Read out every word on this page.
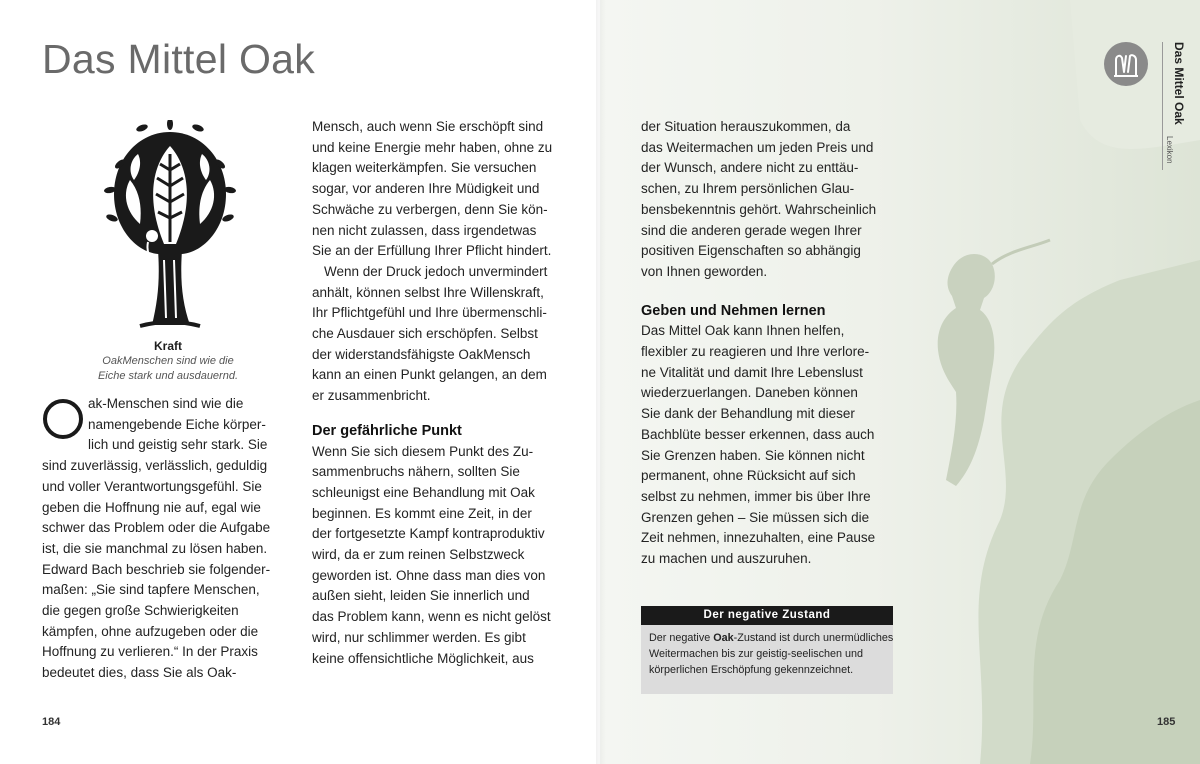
Das Mittel Oak
Kraft
OakMenschen sind wie die
Eiche stark und ausdauernd.
ak-Menschen sind wie die
namengebende Eiche körper-
lich und geistig sehr stark. Sie
sind zuverlässig, verlässlich, geduldig
und voller Verantwortungsgefühl. Sie
geben die Hoffnung nie auf, egal wie
schwer das Problem oder die Aufgabe
ist, die sie manchmal zu lösen haben.
Edward Bach beschrieb sie folgender-
maßen: „Sie sind tapfere Menschen,
die gegen große Schwierigkeiten
kämpfen, ohne aufzugeben oder die
Hoffnung zu verlieren.“ In der Praxis
bedeutet dies, dass Sie als Oak-

Mensch, auch wenn Sie erschöpft sind
und keine Energie mehr haben, ohne zu
klagen weiterkämpfen. Sie versuchen
sogar, vor anderen Ihre Müdigkeit und
Schwäche zu verbergen, denn Sie kön-
nen nicht zulassen, dass irgendetwas
Sie an der Erfüllung Ihrer Pflicht hindert.

Wenn der Druck jedoch unvermindert
anhält, können selbst Ihre Willenskraft,
Ihr Pflichtgefühl und Ihre übermenschli-
che Ausdauer sich erschöpfen. Selbst
der widerstandsfähigste OakMensch
kann an einen Punkt gelangen, an dem
er zusammenbricht.

Der gefährliche Punkt

Wenn Sie sich diesem Punkt des Zu-
sammenbruchs nähern, sollten Sie
schleunigst eine Behandlung mit Oak
beginnen. Es kommt eine Zeit, in der
der fortgesetzte Kampf kontraproduktiv
wird, da er zum reinen Selbstzweck
geworden ist. Ohne dass man dies von
außen sieht, leiden Sie innerlich und
das Problem kann, wenn es nicht gelöst
wird, nur schlimmer werden. Es gibt
keine offensichtliche Möglichkeit, aus

184

der Situation herauszukommen, da
das Weitermachen um jeden Preis und
der Wunsch, andere nicht zu enttäu-
schen, zu Ihrem persönlichen Glau-
bensbekenntnis gehört. Wahrscheinlich
sind die anderen gerade wegen Ihrer
positiven Eigenschaften so abhängig
von Ihnen geworden.

Geben und Nehmen lernen

Das Mittel Oak kann Ihnen helfen,
flexibler zu reagieren und Ihre verlore-
ne Vitalität und damit Ihre Lebenslust
wiederzuerlangen. Daneben können
Sie dank der Behandlung mit dieser
Bachblüte besser erkennen, dass auch
Sie Grenzen haben. Sie können nicht
permanent, ohne Rücksicht auf sich
selbst zu nehmen, immer bis über Ihre
Grenzen gehen – Sie müssen sich die
Zeit nehmen, innezuhalten, eine Pause
zu machen und auszuruhen.

Der negative Zustand
Der negative Oak-Zustand ist durch unermüdliches
Weitermachen bis zur geistig-seelischen und
körperlichen Erschöpfung gekennzeichnet.
Das Mittel Oak
Lexikon
185
